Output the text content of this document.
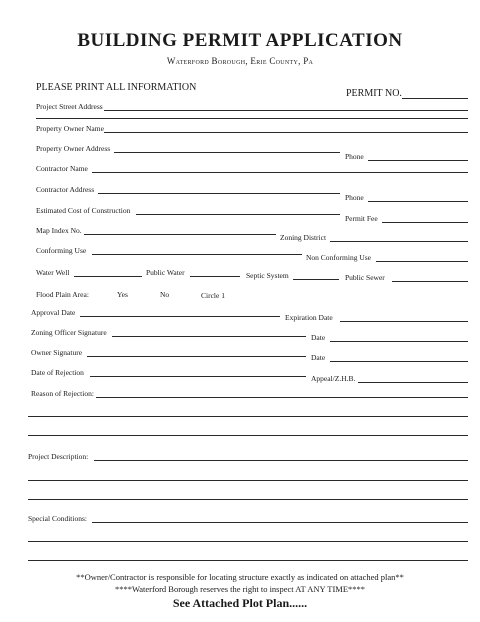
BUILDING PERMIT APPLICATION
Waterford Borough, Erie County, Pa
PLEASE PRINT ALL INFORMATION
PERMIT NO.
Project Street Address
Property Owner Name
Property Owner Address
Phone
Contractor Name
Contractor Address
Phone
Estimated Cost of Construction
Permit Fee
Map Index No.
Zoning District
Conforming Use
Non Conforming Use
Water Well	Public Water	Septic System	Public Sewer
Flood Plain Area:	Yes	No	Circle 1
Approval Date
Expiration Date
Zoning Officer Signature
Date
Owner Signature
Date
Date of Rejection
Appeal/Z.H.B.
Reason of Rejection:
Project Description:
Special Conditions:
**Owner/Contractor is responsible for locating structure exactly as indicated on attached plan**
****Waterford Borough reserves the right to inspect AT ANY TIME****
See Attached Plot Plan......
